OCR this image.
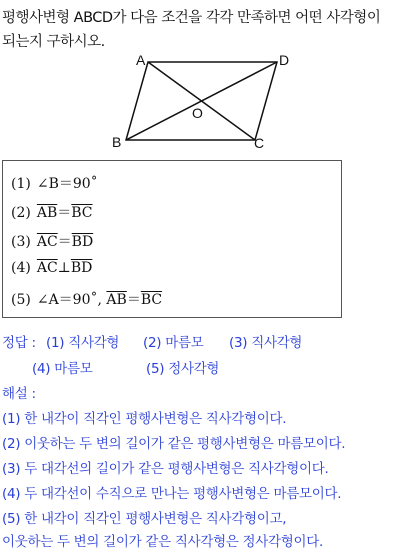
평행사변형 ABCD가 다음 조건을 각각 만족하면 어떤 사각형이
되는지 구하시오.
A	D
O
B	C
(1) ∠B＝90˚
(2) $\overline{AB}=\overline{BC}$
(3) $\overline{AC}=\overline{BD}$
(4) $\overline{AC}\perp\overline{BD}$
(5) ∠A＝90˚, $\overline{AB}=\overline{BC}$
정답 : (1) 직사각형 (2) 마름모 (3) 직사각형
(4) 마름모	(5) 정사각형
해설 :
(1) 한 내각이 직각인 평행사변형은 직사각형이다.
(2) 이웃하는 두 변의 길이가 같은 평행사변형은 마름모이다.
(3) 두 대각선의 길이가 같은 평행사변형은 직사각형이다.
(4) 두 대각선이 수직으로 만나는 평행사변형은 마름모이다.
(5) 한 내각이 직각인 평행사변형은 직사각형이고,
이웃하는 두 변의 길이가 같은 직사각형은 정사각형이다.
